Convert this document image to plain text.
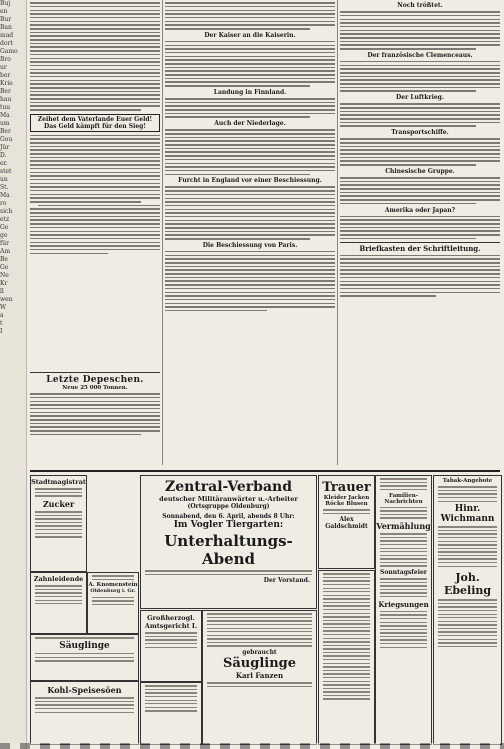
Buj
en
Bur
Ban
mad
dort
Gamo
Bro
ur
ber
Krie
Ber
hau
tuu
Ma
um
Ber
Gou
Jür
D.
er.
stet
un
St.
Ma
ro
sich
etz
Ge
ge
für
Am
Be
Ge
Ne
Kr
ll
wen
W
a
t
I
Zeihet dem Vaterlande Euer Geld!
Das Geld kämpft für den Sieg!
Letzte Depeschen.
Neue 25 000 Tonnen.
Der Kaiser an die Kaiserin.
Landung in Finnland.
Auch der Niederlage.
Furcht in England vor einer Beschiessung.
Die Beschiessung von Paris.
Noch trößtet.
Der französische Clemenceaus.
Der Luftkrieg.
Transportschiffe.
Chinesische Gruppe.
Amerika oder Japan?
Briefkasten der Schriftleitung.
Stadtmagistrat
Zucker
Zahnleidende
A. Knomenstein
Oldenburg i. Gr.
Säuglinge
Kohl-Speisesöen
Zentral-Verband
deutscher Militäranwärter u.-Arbeiter
(Ortsgruppe Oldenburg)
Sonnabend, den 6. April, abends 8 Uhr:
Im Vogler Tiergarten:
Unterhaltungs-Abend
Der Vorstand.
Großherzogl. Amtsgericht I.
gebraucht
Säuglinge
Karl Fanzen
Trauer
Kleider Jacken Röcke Blusen
Alex Galdschmidt
Familien-Nachrichten
Vermählung
Sonntagsfeier
Kriegsungen
Tabak-Angebote
Hinr. Wichmann
Joh. Ebeling
